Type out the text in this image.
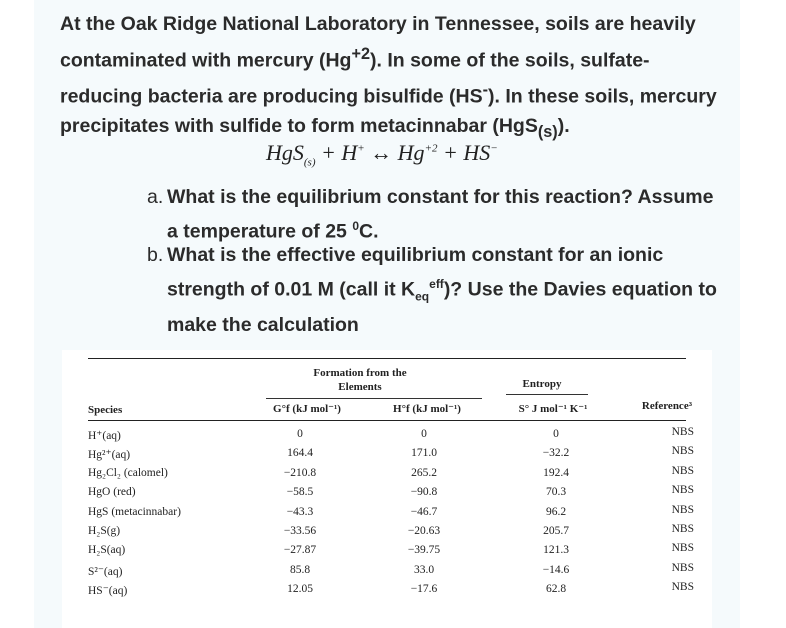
At the Oak Ridge National Laboratory in Tennessee, soils are heavily contaminated with mercury $(Hg^{+2})$. In some of the soils, sulfate-reducing bacteria are producing bisulfide (HS-). In these soils, mercury precipitates with sulfide to form metacinnabar (HgS$_{(s)}$).

HgS$_{(s)}$ + H+ ↔ $Hg^{+2} + HS^-$
a. What is the equilibrium constant for this reaction? Assume a temperature of 25 $^0$C.
b. What is the effective equilibrium constant for an ionic strength of 0.01 M (call it $K_{eq}^{eff}$)? Use the Davies equation to make the calculation
Formation from the
Elements	Entropy
Species	G°f (kJ mol⁻¹)	H°f (kJ mol⁻¹)	S° J mol⁻¹ K⁻¹	Reference³
H⁺(aq)	0	0	0	NBS
Hg²⁺(aq)	164.4	171.0	−32.2	NBS
Hg₂Cl₂ (calomel)	−210.8	265.2	192.4	NBS
HgO (red)	−58.5	−90.8	70.3	NBS
HgS (metacinnabar)	−43.3	−46.7	96.2	NBS
H₂S(g)	−33.56	−20.63	205.7	NBS
H₂S(aq)	−27.87	−39.75	121.3	NBS
S²⁻(aq)	85.8	33.0	−14.6	NBS
HS⁻(aq)	12.05	−17.6	62.8	NBS
